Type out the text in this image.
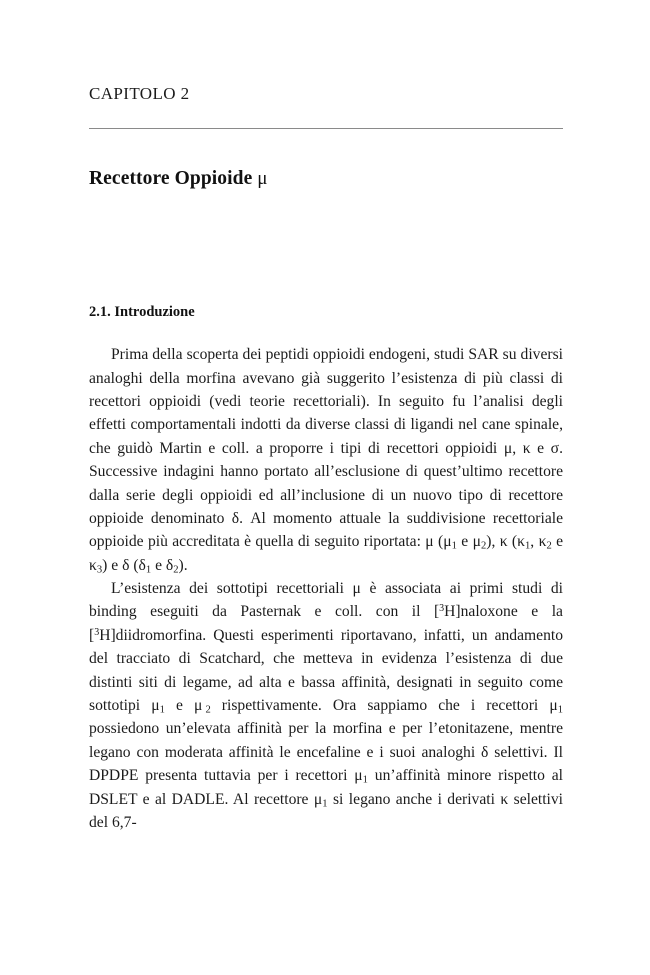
CAPITOLO 2
Recettore Oppioide μ
2.1. Introduzione

Prima della scoperta dei peptidi oppioidi endogeni, studi SAR su diversi analoghi della morfina avevano già suggerito l’esistenza di più classi di recettori oppioidi (vedi teorie recettoriali). In seguito fu l’analisi degli effetti comportamentali indotti da diverse classi di ligandi nel cane spinale, che guidò Martin e coll. a proporre i tipi di recettori oppioidi μ, κ e σ. Successive indagini hanno portato all’esclusione di quest’ultimo recettore dalla serie degli oppioidi ed all’inclusione di un nuovo tipo di recettore oppioide denominato δ. Al momento attuale la suddivisione recettoriale oppioide più accreditata è quella di seguito riportata: μ ($\mu_1$ e $\mu_2$), κ ($\kappa_1$, $\kappa_2$ e $\kappa_3$) e δ ($\delta_1$ e $\delta_2$).

L’esistenza dei sottotipi recettoriali μ è associata ai primi studi di binding eseguiti da Pasternak e coll. con il [$^3$H]naloxone e la [$^3$H]diidromorfina. Questi esperimenti riportavano, infatti, un andamento del tracciato di Scatchard, che metteva in evidenza l’esistenza di due distinti siti di legame, ad alta e bassa affinità, designati in seguito come sottotipi $\mu_1$ e μ $_2$ rispettivamente. Ora sappiamo che i recettori $\mu_1$ possiedono un’elevata affinità per la morfina e per l’etonitazene, mentre legano con moderata affinità le encefaline e i suoi analoghi δ selettivi. Il DPDPE presenta tuttavia per i recettori $\mu_1$ un’affinità minore rispetto al DSLET e al DADLE. Al recettore $\mu_1$ si legano anche i derivati κ selettivi del 6,7-
